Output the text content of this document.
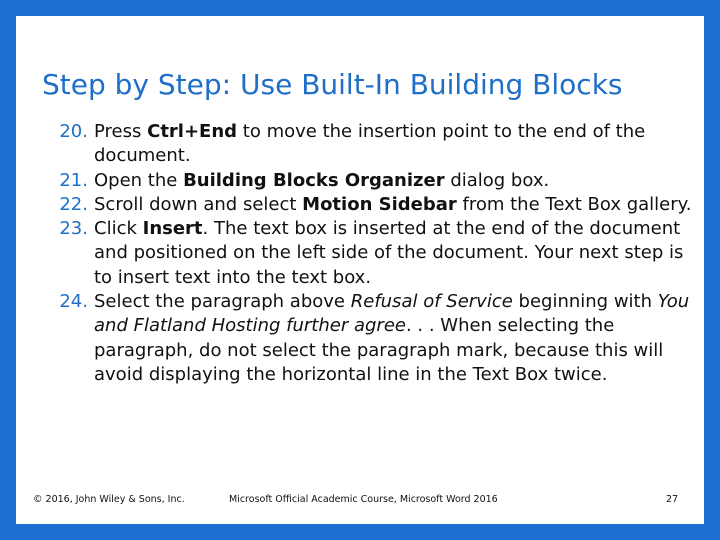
Step by Step: Use Built-In Building Blocks
20. Press Ctrl+End to move the insertion point to the end of the document.
21. Open the Building Blocks Organizer dialog box.
22. Scroll down and select Motion Sidebar from the Text Box gallery.
23. Click Insert. The text box is inserted at the end of the document and positioned on the left side of the document. Your next step is to insert text into the text box.
24. Select the paragraph above Refusal of Service beginning with You and Flatland Hosting further agree. . . When selecting the paragraph, do not select the paragraph mark, because this will avoid displaying the horizontal line in the Text Box twice.
© 2016, John Wiley & Sons, Inc.	Microsoft Official Academic Course, Microsoft Word 2016	27
